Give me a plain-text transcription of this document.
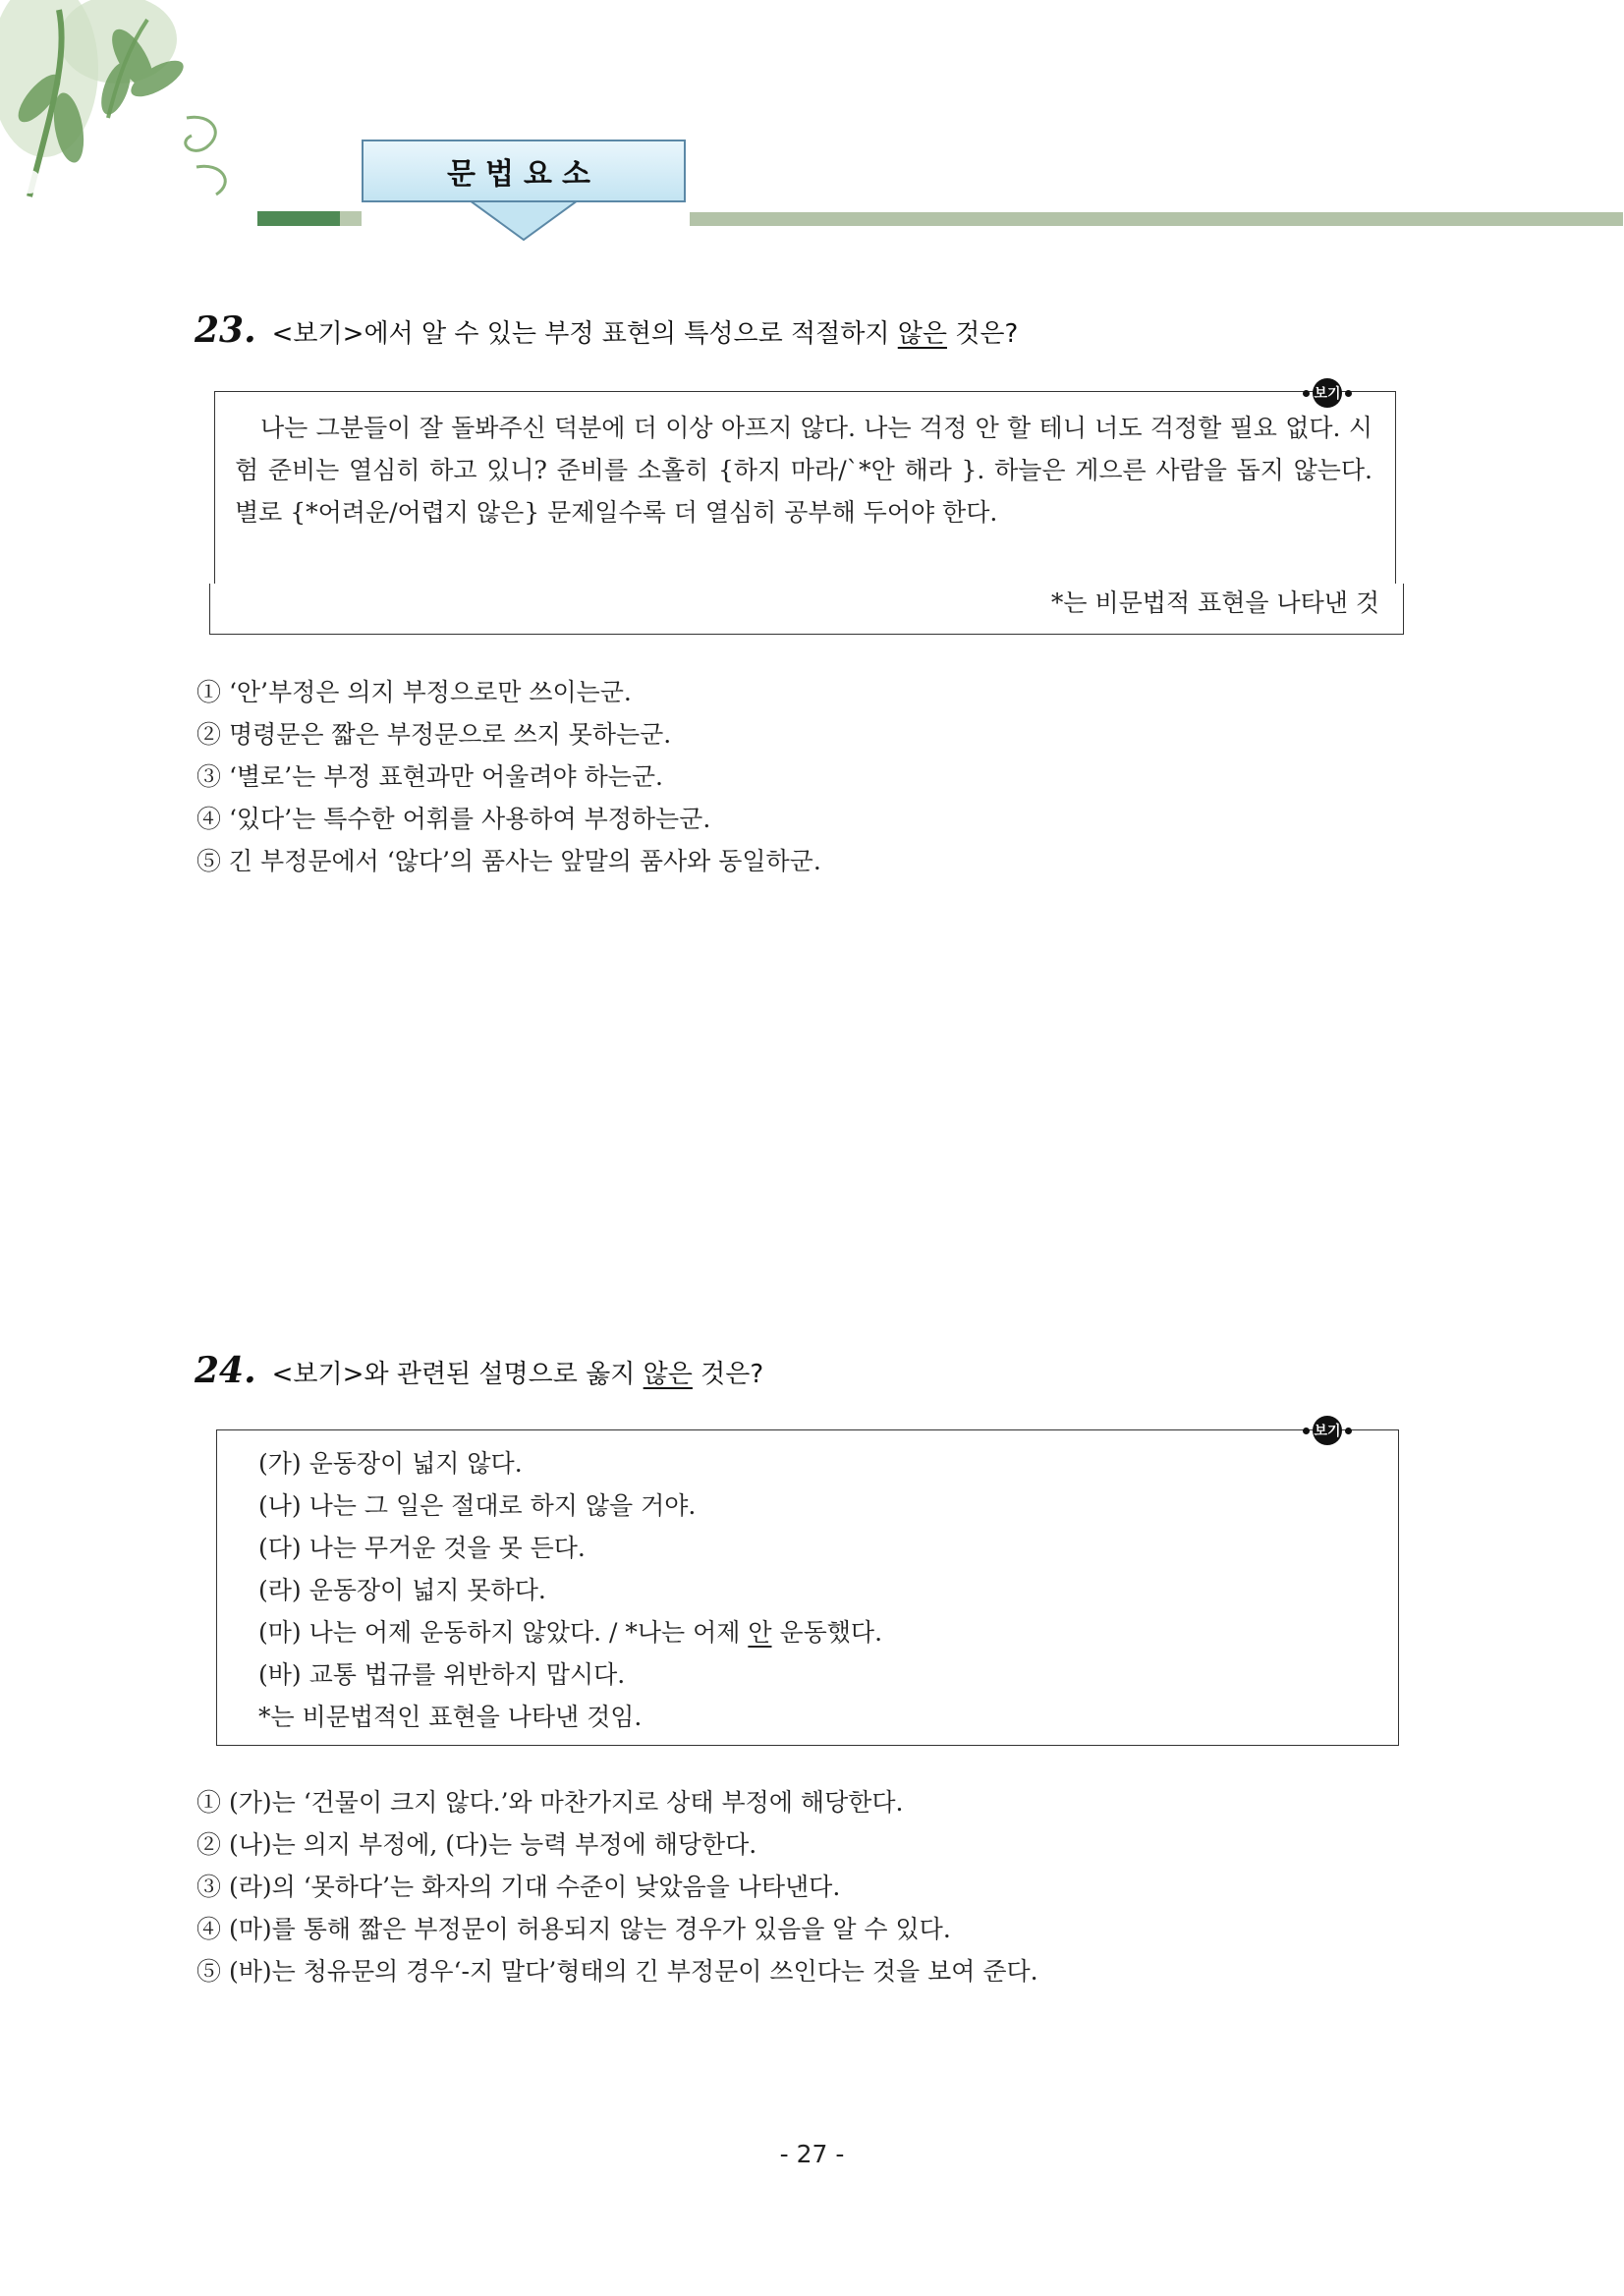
문법요소
23. <보기>에서 알 수 있는 부정 표현의 특성으로 적절하지 않은 것은?
나는 그분들이 잘 돌봐주신 덕분에 더 이상 아프지 않다. 나는 걱정 안 할 테니 너도 걱정할 필요 없다. 시험 준비는 열심히 하고 있니? 준비를 소홀히 {하지 마라/`*안 해라 }. 하늘은 게으른 사람을 돕지 않는다. 별로 {*어려운/어렵지 않은} 문제일수록 더 열심히 공부해 두어야 한다.
*는 비문법적 표현을 나타낸 것
보기
① ‘안’부정은 의지 부정으로만 쓰이는군.
② 명령문은 짧은 부정문으로 쓰지 못하는군.
③ ‘별로’는 부정 표현과만 어울려야 하는군.
④ ‘있다’는 특수한 어휘를 사용하여 부정하는군.
⑤ 긴 부정문에서 ‘않다’의 품사는 앞말의 품사와 동일하군.
24. <보기>와 관련된 설명으로 옳지 않은 것은?
(가) 운동장이 넓지 않다.
(나) 나는 그 일은 절대로 하지 않을 거야.
(다) 나는 무거운 것을 못 든다.
(라) 운동장이 넓지 못하다.
(마) 나는 어제 운동하지 않았다. / *나는 어제 안 운동했다.
(바) 교통 법규를 위반하지 맙시다.
*는 비문법적인 표현을 나타낸 것임.
보기
① (가)는 ‘건물이 크지 않다.’와 마찬가지로 상태 부정에 해당한다.
② (나)는 의지 부정에, (다)는 능력 부정에 해당한다.
③ (라)의 ‘못하다’는 화자의 기대 수준이 낮았음을 나타낸다.
④ (마)를 통해 짧은 부정문이 허용되지 않는 경우가 있음을 알 수 있다.
⑤ (바)는 청유문의 경우‘-지 말다’형태의 긴 부정문이 쓰인다는 것을 보여 준다.
- 27 -
